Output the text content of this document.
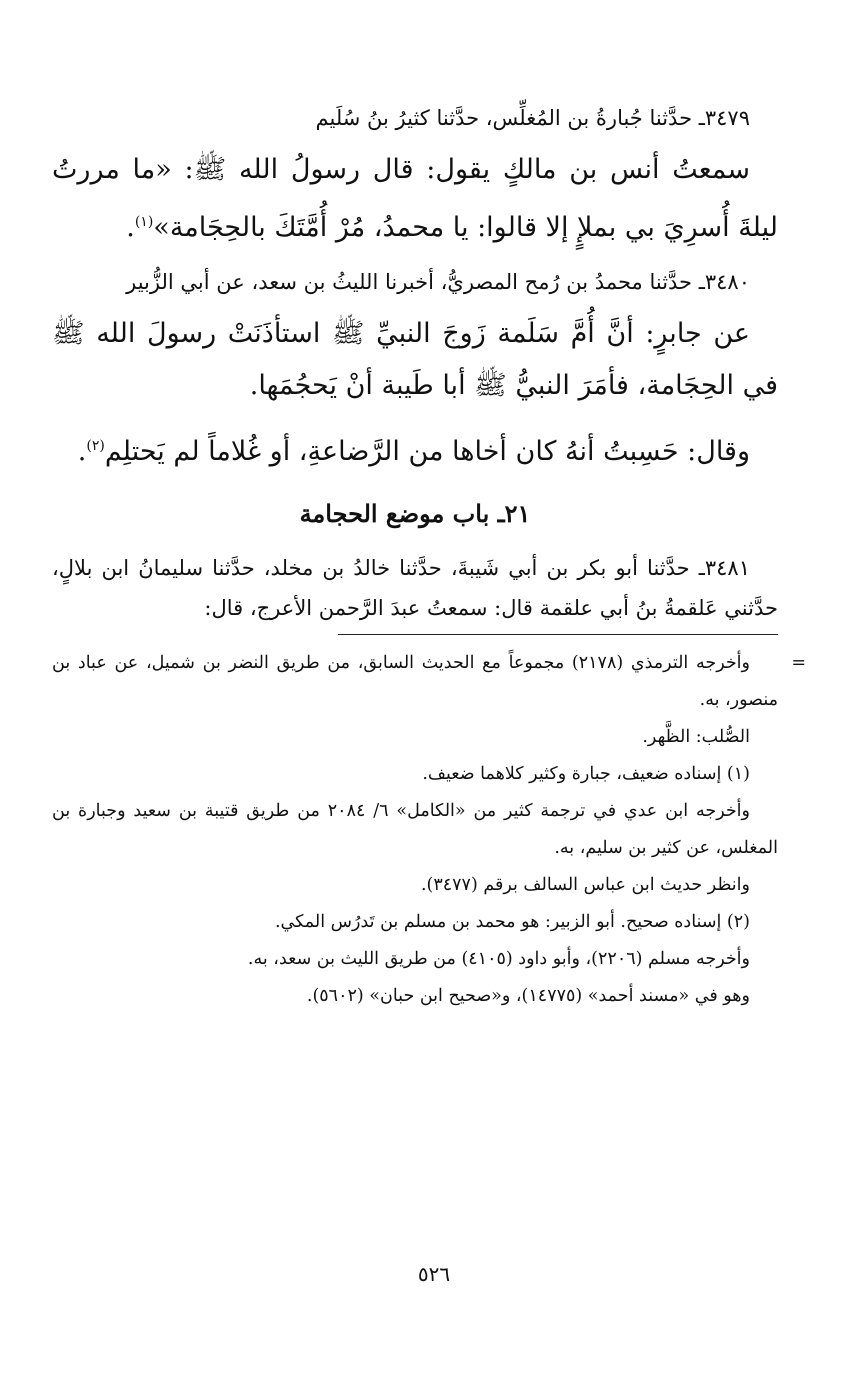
٣٤٧٩ـ حدَّثنا جُبارةُ بن المُغلِّس، حدَّثنا كثيرُ بنُ سُلَيم

سمعتُ أنس بن مالكٍ يقول: قال رسولُ الله ﷺ: «ما مررتُ ليلةَ أُسرِيَ بي بملإٍ إلا قالوا: يا محمدُ، مُرْ أُمَّتَكَ بالحِجَامة»$^{(١)}$.

٣٤٨٠ـ حدَّثنا محمدُ بن رُمح المصريُّ، أخبرنا الليثُ بن سعد، عن أبي الزُّبير

عن جابرٍ: أنَّ أُمَّ سَلَمة زَوجَ النبيِّ ﷺ استأذَنَتْ رسولَ الله ﷺ في الحِجَامة، فأمَرَ النبيُّ ﷺ أبا طَيبة أنْ يَحجُمَها.

وقال: حَسِبتُ أنهُ كان أخاها من الرَّضاعةِ، أو غُلاماً لم يَحتلِم$^{(٢)}$.

٢١ـ باب موضع الحجامة

٣٤٨١ـ حدَّثنا أبو بكر بن أبي شَيبةَ، حدَّثنا خالدُ بن مخلد، حدَّثنا سليمانُ ابن بلالٍ، حدَّثني عَلقمةُ بنُ أبي علقمة قال: سمعتُ عبدَ الرَّحمن الأعرج، قال:

= وأخرجه الترمذي (٢١٧٨) مجموعاً مع الحديث السابق، من طريق النضر بن شميل، عن عباد بن منصور، به.

الصُّلب: الظَّهر.

(١) إسناده ضعيف، جبارة وكثير كلاهما ضعيف.

وأخرجه ابن عدي في ترجمة كثير من «الكامل» ٦/ ٢٠٨٤ من طريق قتيبة بن سعيد وجبارة بن المغلس، عن كثير بن سليم، به.

وانظر حديث ابن عباس السالف برقم (٣٤٧٧).

(٢) إسناده صحيح. أبو الزبير: هو محمد بن مسلم بن تَدرُس المكي.

وأخرجه مسلم (٢٢٠٦)، وأبو داود (٤١٠٥) من طريق الليث بن سعد، به.

وهو في «مسند أحمد» (١٤٧٧٥)، و«صحيح ابن حبان» (٥٦٠٢).

٥٢٦
